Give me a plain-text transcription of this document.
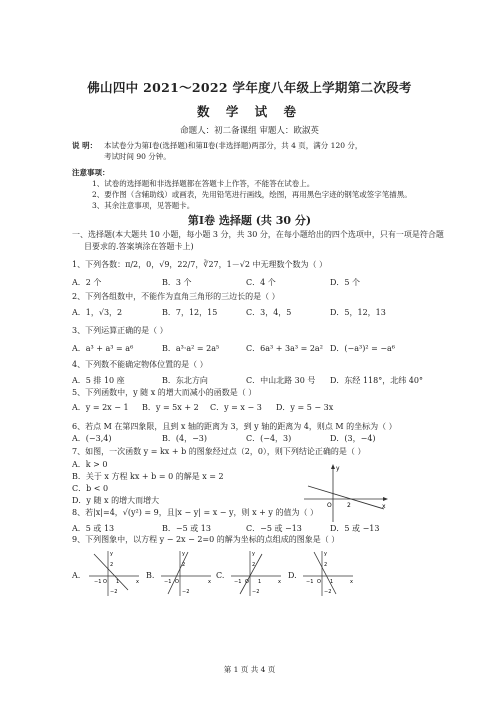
佛山四中 2021～2022 学年度八年级上学期第二次段考
数 学 试 卷
命题人：初二备课组 审题人：欧淑英
说 明： 本试卷分为第Ⅰ卷(选择题)和第Ⅱ卷(非选择题)两部分，共 4 页，满分 120 分，
考试时间 90 分钟。
注意事项：
1、试卷的选择题和非选择题都在答题卡上作答，不能答在试卷上。
2、要作图（含辅助线）或画表，先用铅笔进行画线，绘图，再用黑色字迹的钢笔或签字笔描黑。
3、其余注意事项，见答题卡。
第Ⅰ卷 选择题 (共 30 分)
一、选择题(本大题共 10 小题，每小题 3 分，共 30 分，在每小题给出的四个选项中，只有一项是符合题
目要求的.答案填涂在答题卡上)
1、下列各数：π/2，0，√9，22/7，∛27，1－√2 中无理数个数为（ ）
A．2 个	B．3 个	C．4 个	D．5 个
2、下列各组数中，不能作为直角三角形的三边长的是（ ）
A．1，√3，2	B．7，12，15	C．3，4，5	D．5，12，13
3、下列运算正确的是（ ）
A．a³ + a³ = a⁶	B．a³·a² = 2a⁵	C．6a³ + 3a³ = 2a² D．(−a³)² = −a⁶
4、下列数不能确定物体位置的是（ ）
A．5 排 10 座	B．东北方向	C．中山北路 30 号 D．东经 118°，北纬 40°
5、下列函数中，y 随 x 的增大而减小的函数是（ ）
A．y = 2x − 1 B．y = 5x + 2 C．y = x − 3 D．y = 5 − 3x
6、若点 M 在第四象限，且到 x 轴的距离为 3，到 y 轴的距离为 4，则点 M 的坐标为（ ）
A．(−3,4)	B．(4，−3)	C．(−4，3)	D．(3，−4)
7、如图，一次函数 y = kx + b 的图象经过点（2，0），则下列结论正确的是（ ）
A．k > 0
B．关于 x 方程 kx + b = 0 的解是 x = 2
C．b < 0
D．y 随 x 的增大而增大
y
x
O	2
8、若|x|=4，√(y²) = 9，且|x − y| = x − y，则 x + y 的值为（ ）
A．5 或 13	B．−5 或 13	C．−5 或 −13	D．5 或 −13
9、下列图象中，以方程 y − 2x − 2=0 的解为坐标的点组成的图象是（ ）
A.
y
x
2
−1 O 1
−2
B.
y
x
2
−1 O
−2
C.
y
x
2
−1 O 1
−2
D.
y
x
2
−1 O 1
−2
第 1 页 共 4 页
